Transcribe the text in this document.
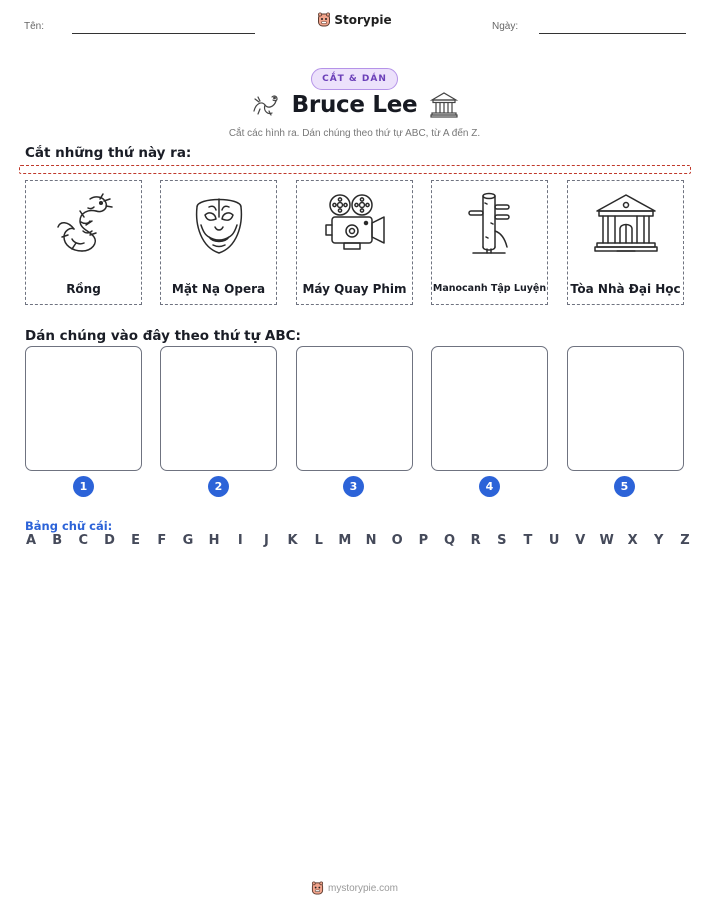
Tên:	Storypie	Ngày:
CẮT & DÁN
Bruce Lee
Cắt các hình ra. Dán chúng theo thứ tự ABC, từ A đến Z.
Cắt những thứ này ra:
Rồng	Mặt Nạ Opera	Máy Quay Phim	Manocanh Tập Luyện Tòa Nhà Đại Học
Dán chúng vào đây theo thứ tự ABC:
1	2	3	4	5
Bảng chữ cái:
A B C D E F G H	I	J	K L M N O P Q R S T U V W X Y Z
mystorypie.com
